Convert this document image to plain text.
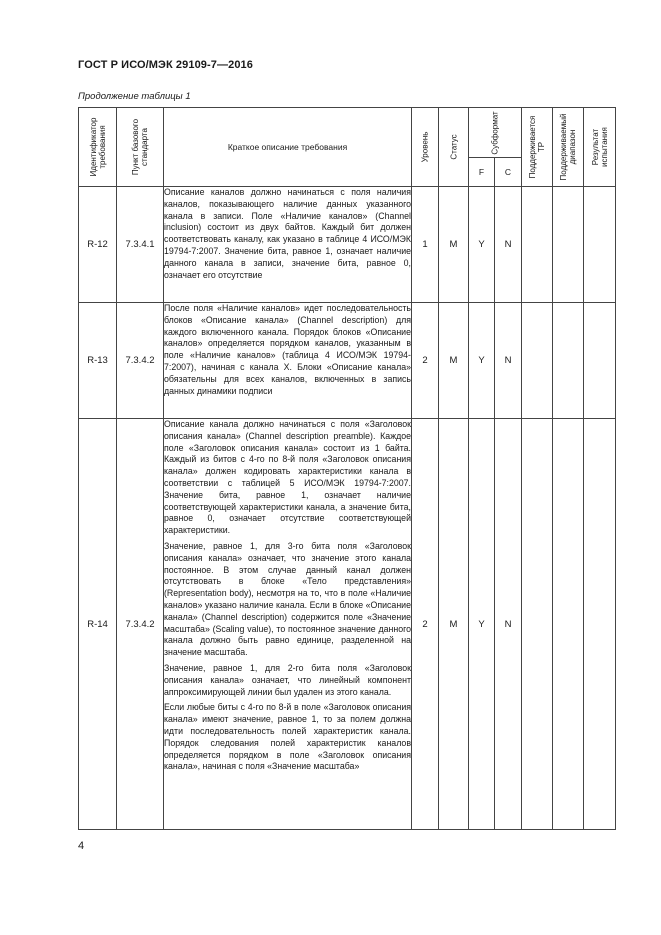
ГОСТ Р ИСО/МЭК 29109-7—2016
Продолжение таблицы 1
Идентификатор требования	Пункт базового стандарта	Краткое описание требования	Уровень	Статус	Субформат		Поддерживается ТР	Поддерживаемый диапазон	Результат испытания

					F	C			
R-12	7.3.4.1	Описание каналов должно начинаться с поля наличия каналов, показывающего наличие данных указанного канала в записи. Поле «Наличие каналов» (Channel inclusion) состоит из двух байтов. Каждый бит должен соответствовать каналу, как указано в таблице 4 ИСО/МЭК 19794-7:2007. Значение бита, равное 1, означает наличие данного канала в записи, значение бита, равное 0, означает его отсутствие	1	M	Y	N			
R-13	7.3.4.2	После поля «Наличие каналов» идет последовательность блоков «Описание канала» (Channel description) для каждого включенного канала. Порядок блоков «Описание каналов» определяется порядком каналов, указанным в поле «Наличие каналов» (таблица 4 ИСО/МЭК 19794-7:2007), начиная с канала X. Блоки «Описание канала» обязательны для всех каналов, включенных в запись данных динамики подписи	2	M	Y	N			
R-14	7.3.4.2	Описание канала должно начинаться с поля «Заголовок описания канала» (Channel description preamble). Каждое поле «Заголовок описания канала» состоит из 1 байта. Каждый из битов с 4-го по 8-й поля «Заголовок описания канала» должен кодировать характеристики канала в соответствии с таблицей 5 ИСО/МЭК 19794-7:2007. Значение бита, равное 1, означает наличие соответствующей характеристики канала, а значение бита, равное 0, означает отсутствие соответствующей характеристики.

Значение, равное 1, для 3-го бита поля «Заголовок описания канала» означает, что значение этого канала постоянное. В этом случае данный канал должен отсутствовать в блоке «Тело представления» (Representation body), несмотря на то, что в поле «Наличие каналов» указано наличие канала. Если в блоке «Описание канала» (Channel description) содержится поле «Значение масштаба» (Scaling value), то постоянное значение данного канала должно быть равно единице, разделенной на значение масштаба.

Значение, равное 1, для 2-го бита поля «Заголовок описания канала» означает, что линейный компонент аппроксимирующей линии был удален из этого канала.

Если любые биты с 4-го по 8-й в поле «Заголовок описания канала» имеют значение, равное 1, то за полем должна идти последовательность полей характеристик канала. Порядок следования полей характеристик каналов определяется порядком в поле «Заголовок описания канала», начиная с поля «Значение масштаба»	2	M	Y	N			
4
